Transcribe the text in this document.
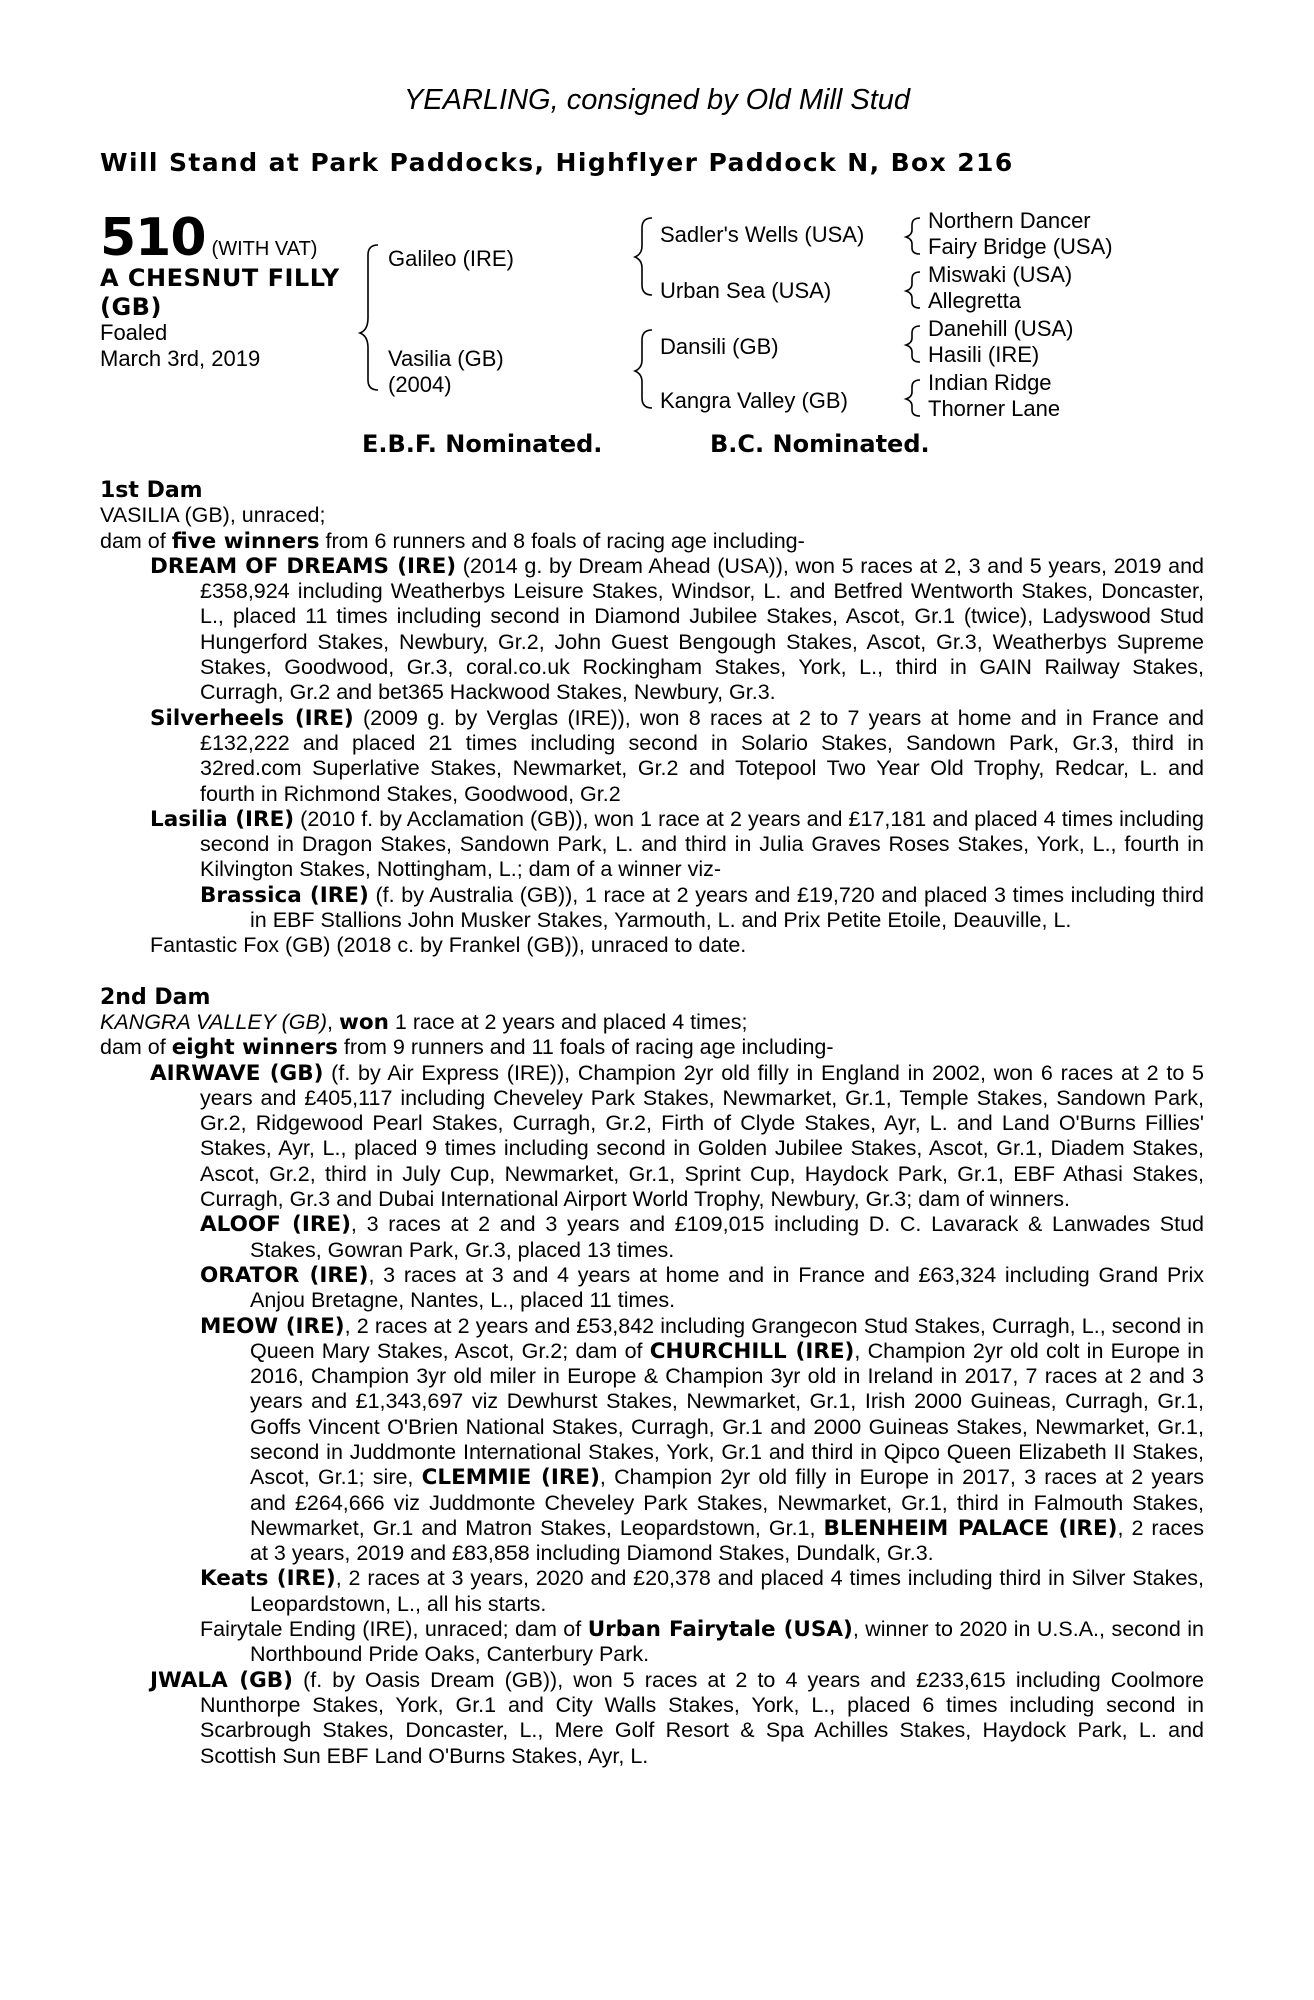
YEARLING, consigned by Old Mill Stud
Will Stand at Park Paddocks, Highflyer Paddock N, Box 216
510 (WITH VAT)
A CHESNUT FILLY
(GB)
Foaled
March 3rd, 2019
Galileo (IRE)
Vasilia (GB)
(2004)
Sadler's Wells (USA)
Urban Sea (USA)
Dansili (GB)
Kangra Valley (GB)
Northern Dancer
Fairy Bridge (USA)
Miswaki (USA)
Allegretta
Danehill (USA)
Hasili (IRE)
Indian Ridge
Thorner Lane
E.B.F. Nominated.	B.C. Nominated.
1st Dam
VASILIA (GB), unraced;
dam of five winners from 6 runners and 8 foals of racing age including-
DREAM OF DREAMS (IRE) (2014 g. by Dream Ahead (USA)), won 5 races at 2, 3 and 5 years, 2019 and £358,924 including Weatherbys Leisure Stakes, Windsor, L. and Betfred Wentworth Stakes, Doncaster, L., placed 11 times including second in Diamond Jubilee Stakes, Ascot, Gr.1 (twice), Ladyswood Stud Hungerford Stakes, Newbury, Gr.2, John Guest Bengough Stakes, Ascot, Gr.3, Weatherbys Supreme Stakes, Goodwood, Gr.3, coral.co.uk Rockingham Stakes, York, L., third in GAIN Railway Stakes, Curragh, Gr.2 and bet365 Hackwood Stakes, Newbury, Gr.3.
Silverheels (IRE) (2009 g. by Verglas (IRE)), won 8 races at 2 to 7 years at home and in France and £132,222 and placed 21 times including second in Solario Stakes, Sandown Park, Gr.3, third in 32red.com Superlative Stakes, Newmarket, Gr.2 and Totepool Two Year Old Trophy, Redcar, L. and fourth in Richmond Stakes, Goodwood, Gr.2
Lasilia (IRE) (2010 f. by Acclamation (GB)), won 1 race at 2 years and £17,181 and placed 4 times including second in Dragon Stakes, Sandown Park, L. and third in Julia Graves Roses Stakes, York, L., fourth in Kilvington Stakes, Nottingham, L.; dam of a winner viz-
Brassica (IRE) (f. by Australia (GB)), 1 race at 2 years and £19,720 and placed 3 times including third in EBF Stallions John Musker Stakes, Yarmouth, L. and Prix Petite Etoile, Deauville, L.
Fantastic Fox (GB) (2018 c. by Frankel (GB)), unraced to date.
2nd Dam
KANGRA VALLEY (GB), won 1 race at 2 years and placed 4 times;
dam of eight winners from 9 runners and 11 foals of racing age including-
AIRWAVE (GB) (f. by Air Express (IRE)), Champion 2yr old filly in England in 2002, won 6 races at 2 to 5 years and £405,117 including Cheveley Park Stakes, Newmarket, Gr.1, Temple Stakes, Sandown Park, Gr.2, Ridgewood Pearl Stakes, Curragh, Gr.2, Firth of Clyde Stakes, Ayr, L. and Land O'Burns Fillies' Stakes, Ayr, L., placed 9 times including second in Golden Jubilee Stakes, Ascot, Gr.1, Diadem Stakes, Ascot, Gr.2, third in July Cup, Newmarket, Gr.1, Sprint Cup, Haydock Park, Gr.1, EBF Athasi Stakes, Curragh, Gr.3 and Dubai International Airport World Trophy, Newbury, Gr.3; dam of winners.
ALOOF (IRE), 3 races at 2 and 3 years and £109,015 including D. C. Lavarack & Lanwades Stud Stakes, Gowran Park, Gr.3, placed 13 times.
ORATOR (IRE), 3 races at 3 and 4 years at home and in France and £63,324 including Grand Prix Anjou Bretagne, Nantes, L., placed 11 times.
MEOW (IRE), 2 races at 2 years and £53,842 including Grangecon Stud Stakes, Curragh, L., second in Queen Mary Stakes, Ascot, Gr.2; dam of CHURCHILL (IRE), Champion 2yr old colt in Europe in 2016, Champion 3yr old miler in Europe & Champion 3yr old in Ireland in 2017, 7 races at 2 and 3 years and £1,343,697 viz Dewhurst Stakes, Newmarket, Gr.1, Irish 2000 Guineas, Curragh, Gr.1, Goffs Vincent O'Brien National Stakes, Curragh, Gr.1 and 2000 Guineas Stakes, Newmarket, Gr.1, second in Juddmonte International Stakes, York, Gr.1 and third in Qipco Queen Elizabeth II Stakes, Ascot, Gr.1; sire, CLEMMIE (IRE), Champion 2yr old filly in Europe in 2017, 3 races at 2 years and £264,666 viz Juddmonte Cheveley Park Stakes, Newmarket, Gr.1, third in Falmouth Stakes, Newmarket, Gr.1 and Matron Stakes, Leopardstown, Gr.1, BLENHEIM PALACE (IRE), 2 races at 3 years, 2019 and £83,858 including Diamond Stakes, Dundalk, Gr.3.
Keats (IRE), 2 races at 3 years, 2020 and £20,378 and placed 4 times including third in Silver Stakes, Leopardstown, L., all his starts.
Fairytale Ending (IRE), unraced; dam of Urban Fairytale (USA), winner to 2020 in U.S.A., second in Northbound Pride Oaks, Canterbury Park.
JWALA (GB) (f. by Oasis Dream (GB)), won 5 races at 2 to 4 years and £233,615 including Coolmore Nunthorpe Stakes, York, Gr.1 and City Walls Stakes, York, L., placed 6 times including second in Scarbrough Stakes, Doncaster, L., Mere Golf Resort & Spa Achilles Stakes, Haydock Park, L. and Scottish Sun EBF Land O'Burns Stakes, Ayr, L.
